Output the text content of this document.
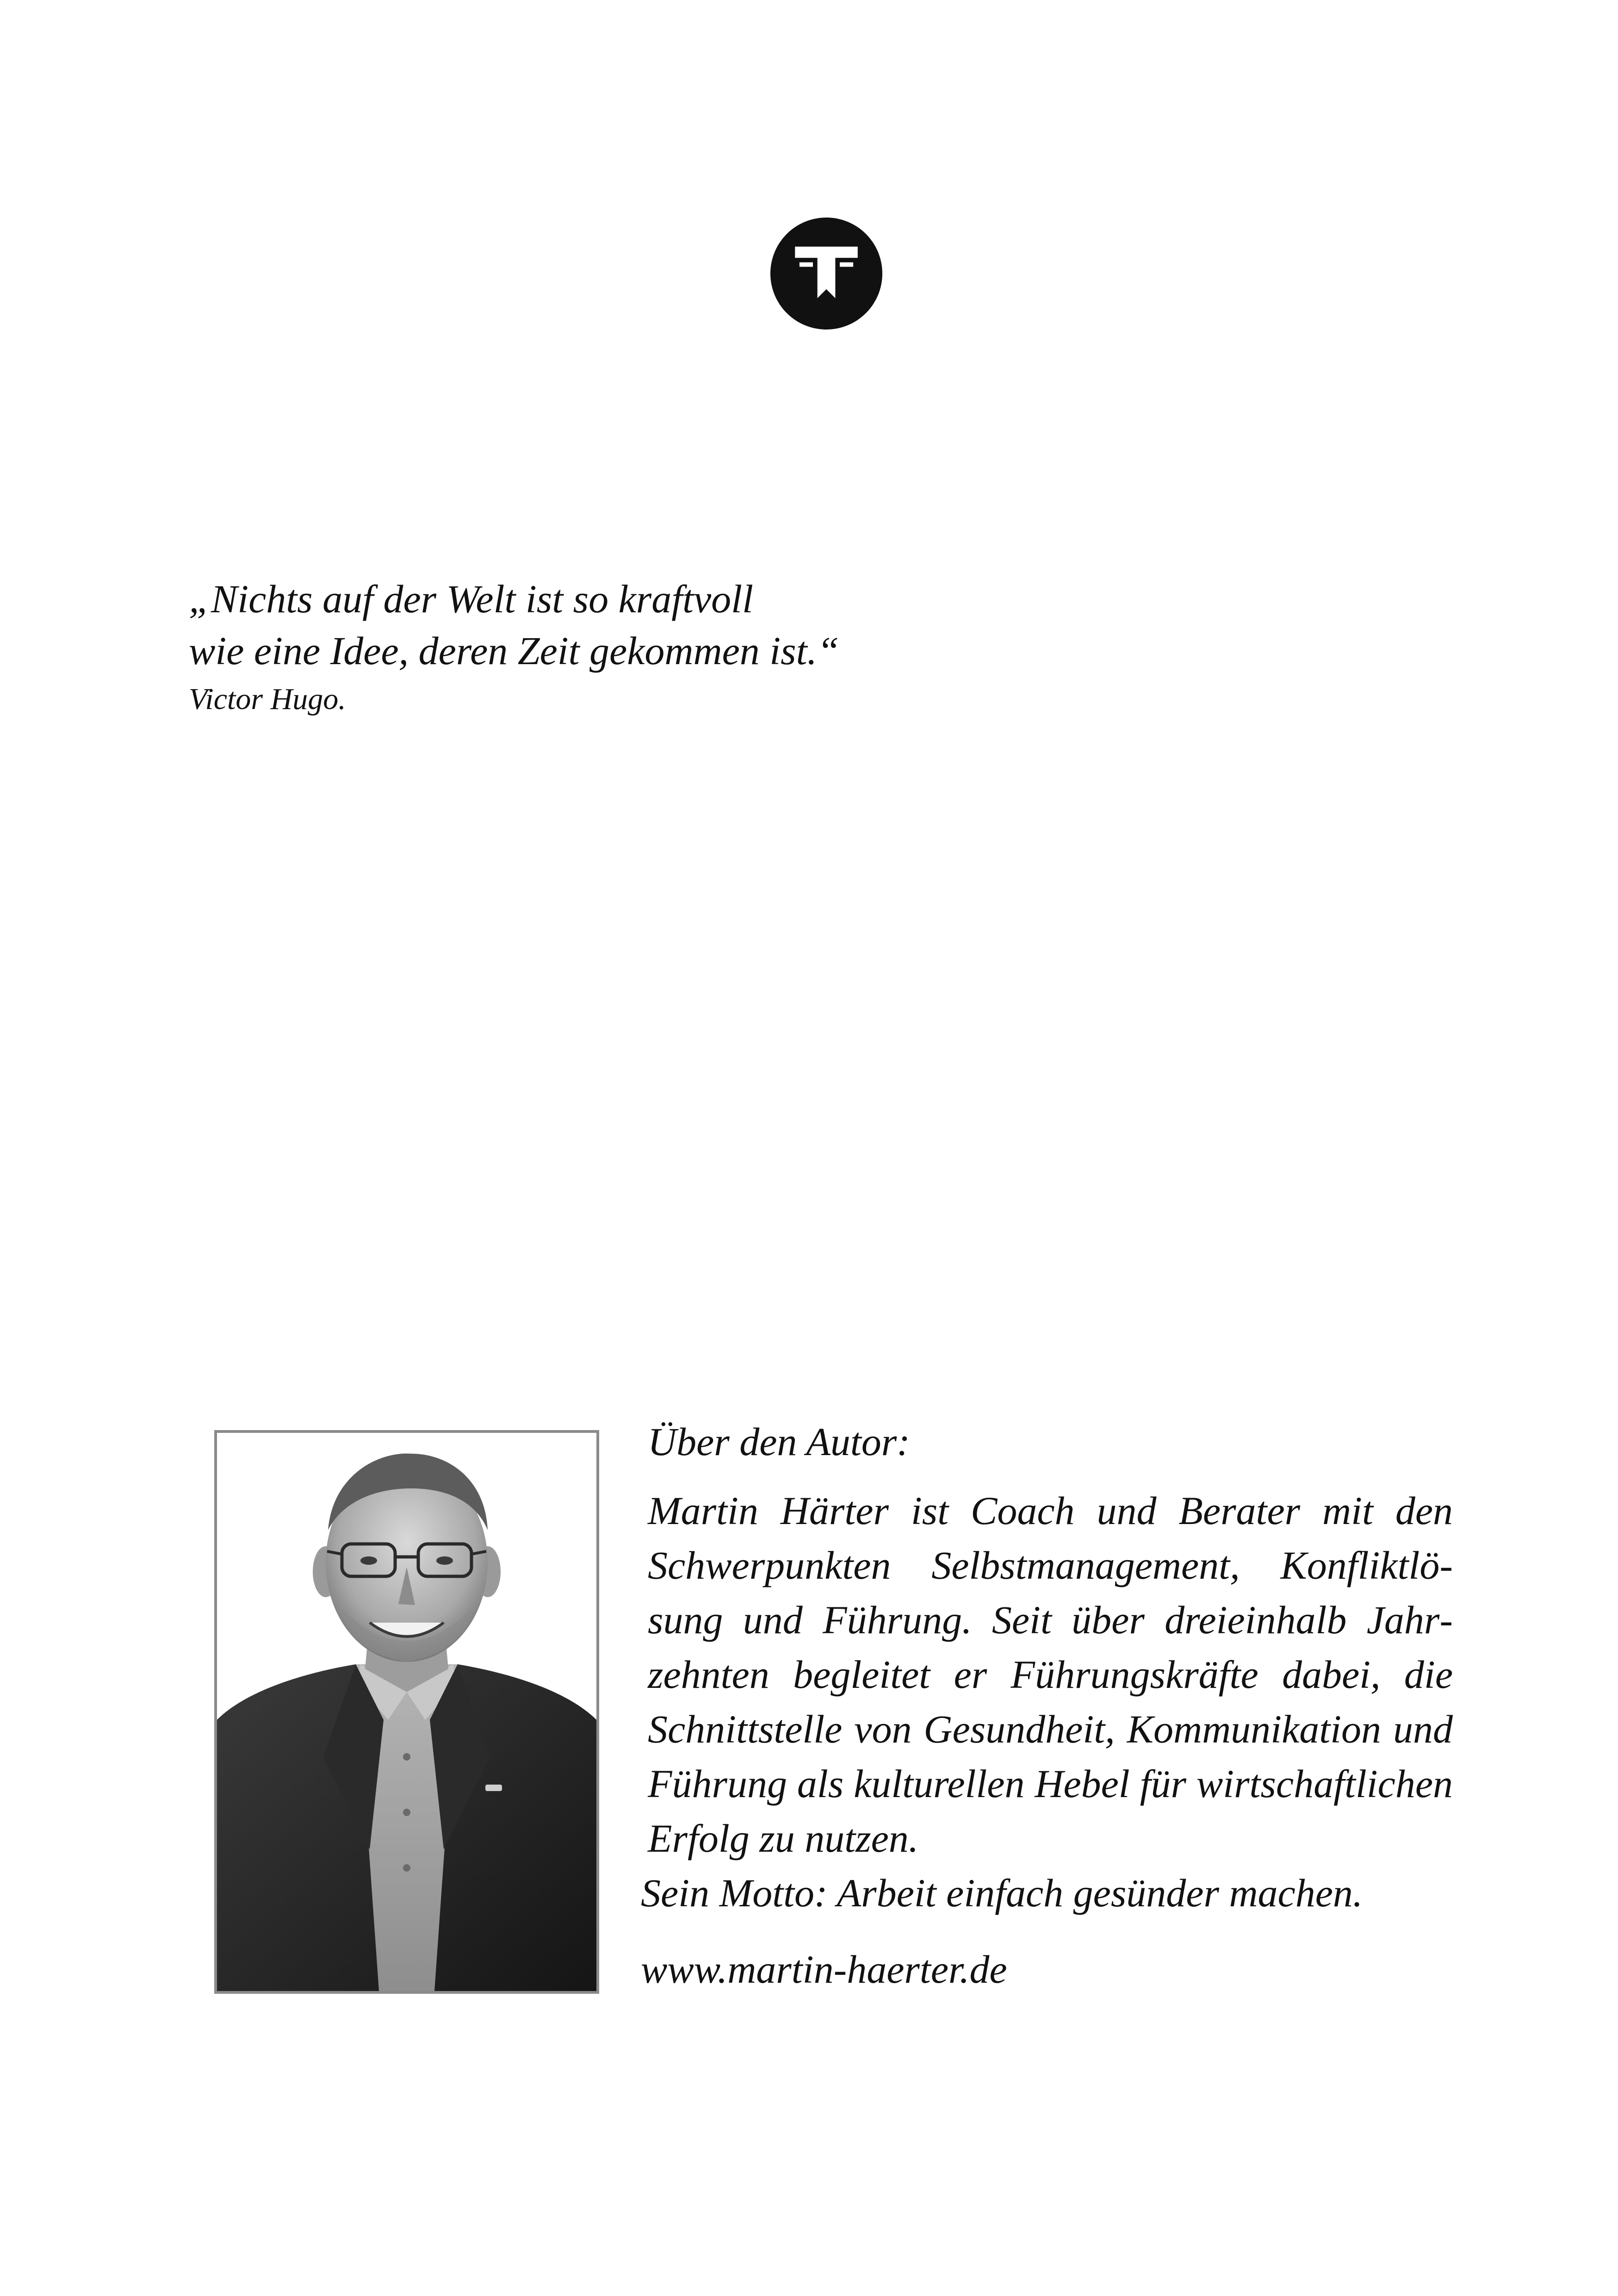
„Nichts auf der Welt ist so kraftvoll
wie eine Idee, deren Zeit gekommen ist.“
Victor Hugo.
Über den Autor:
Martin Härter ist Coach und Berater mit den Schwerpunkten Selbstmanagement, Konfliktlösung und Führung. Seit über dreieinhalb Jahrzehnten begleitet er Führungskräfte dabei, die Schnittstelle von Gesundheit, Kommunikation und Führung als kulturellen Hebel für wirtschaftlichen Erfolg zu nutzen.
Sein Motto: Arbeit einfach gesünder machen.
www.martin-haerter.de
